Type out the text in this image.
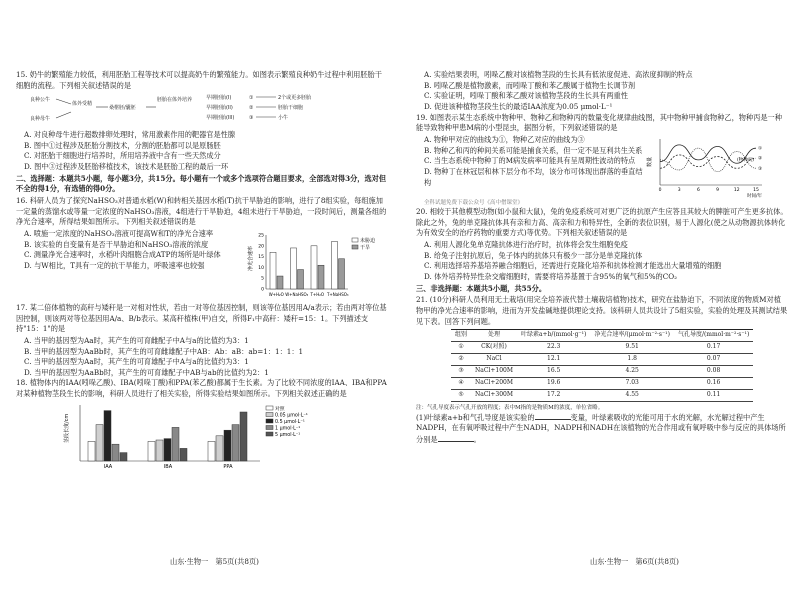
15. 奶牛的繁殖能力较低，利用胚胎工程等技术可以提高奶牛的繁殖能力。如图表示繁殖良种奶牛过程中利用胚胎干细胞的流程。下列相关叙述错误的是
良种公牛
良种母牛
体外受精
桑椹胚/囊胚
胚胎在体外培养	早期胚胎(I)
早期胚胎(II)
早期胚胎(III)
①	2个或更多胚胎
②	胚胎干细胞
③	小牛
A. 对良种母牛进行超数排卵处理时，常用激素作用的靶器官是性腺
B. 图中①过程涉及胚胎分割技术，分割的胚胎都可以是原肠胚
C. 对胚胎干细胞进行培养时，所用培养液中含有一些天然成分
D. 图中③过程涉及胚胎移植技术，该技术是胚胎工程的最后一环
二、选择题：本题共5小题，每小题3分，共15分。每小题有一个或多个选项符合题目要求，全部选对得3分，选对但不全的得1分，有选错的得0分。
16. 科研人员为了探究NaHSO₃对普通水稻(W)和转相关基因水稻(T)抗干旱胁迫的影响，进行了8组实验，每组施加一定量的蒸馏水或等量一定浓度的NaHSO₃溶液，4组进行干旱胁迫，4组未进行干旱胁迫，一段时间后，测量各组的净光合速率，所得结果如图所示。下列相关叙述错误的是
A. 喷施一定浓度的NaHSO₃溶液可提高W和T的净光合速率
B. 该实验的自变量有是否干旱胁迫和NaHSO₃溶液的浓度
C. 测量净光合速率时，水稻叶肉细胞合成ATP的场所是叶绿体
D. 与W相比，T具有一定的抗干旱能力，呼吸速率也较强	净光合速率
0
5
10
15
20
25
W+H₂O W+NaHSO₃ T+H₂O T+NaHSO₃
未胁迫
干旱
17. 某二倍体植物的高秆与矮秆是一对相对性状，若由一对等位基因控制，则该等位基因用A/a表示；若由两对等位基因控制，则该两对等位基因用A/a、B/b表示。某高秆植株(甲)自交，所得F₁中高秆：矮秆=15：1。下列描述支持"15：1"的是
A. 当甲的基因型为Aa时，其产生的可育雌配子中A与a的比值约为3：1
B. 当甲的基因型为AaBb时，其产生的可育雌雄配子中AB：Ab：aB：ab=1：1：1：1
C. 当甲的基因型为Aa时，其产生的可育雄配子中A与a的比值约为3：1
D. 当甲的基因型为AaBb时，其产生的可育雄配子中AB与ab的比值约为2：1
18. 植物体内的IAA(吲哚乙酸)、IBA(吲哚丁酸)和PPA(苯乙酸)都属于生长素。为了比较不同浓度的IAA、IBA和PPA对某种植物茎段生长的影响，科研人员进行了相关实验，所得实验结果如图所示。下列相关叙述正确的是
茎段长度/cm
IAA	IBA	PPA
对照
0.05 μmol·L⁻¹
0.5 μmol·L⁻¹
1 μmol·L⁻¹
5 μmol·L⁻¹
山东·生物一　第5页(共8页)
A. 实验结果表明，吲哚乙酸对该植物茎段的生长具有低浓度促进、高浓度抑制的特点
B. 吲哚乙酸是植物激素，而吲哚丁酸和苯乙酸属于植物生长调节剂
C. 实验证明，吲哚丁酸和苯乙酸对该植物茎段的生长具有两重性
D. 促进该种植物茎段生长的最适IAA浓度为0.05 μmol·L⁻¹
19. 如图表示某生态系统中物种甲、物种乙和物种丙的数量变化规律曲线图，其中物种甲捕食物种乙，物种丙是一种能导致物种甲患M病的小型昆虫，据图分析，下列叙述错误的是
A. 物种甲对应的曲线为①，物种乙对应的曲线为③
B. 物种乙和丙的种间关系可能是捕食关系，但一定不是互利共生关系
C. 当生态系统中物种丁的M病发病率可能具有呈周期性波动的特点
D. 物种丁在林冠层和林下层分布不均，该分布可体现出群落的垂直结构
数量
0	3	6	9	12	15
时间/年
①
②
③
(物种丙)
全科试题免费下载公众号《高中僧课堂》
20. 相较于其他模型动物(如小鼠和大鼠)，兔的免疫系统可对更广泛的抗原产生应答且其较大的脾脏可产生更多抗体。除此之外，兔的单克隆抗体具有亲和力高、高亲和力和特异性，全新的表位识别，易于人源化(使之从动物源抗体转化为有效安全的治疗药物的重要方式)等优势。下列相关叙述错误的是
A. 利用人源化兔单克隆抗体进行治疗时，抗体将会发生细胞免疫
B. 给兔子注射抗原后，兔子体内的抗体只有极少一部分是单克隆抗体
C. 利用选择培养基培养融合细胞后，还需进行克隆化培养和抗体检测才能选出大量增殖的细胞
D. 体外培养特异性杂交瘤细胞时，需要将培养基置于含95%的氧气和5%的CO₂
三、非选择题：本题共5小题，共55分。
21. (10分)科研人员利用无土栽培(用完全培养液代替土壤栽培植物)技术，研究在盐胁迫下，不同浓度的物质M对植物甲的净光合速率的影响，进而为开发盐碱地提供理论支持。该科研人员共设计了5组实验，实验的处理及其测试结果见下表。回答下列问题。
组别	处理	叶绿素a+b/(mmol·g⁻¹)	净光合速率/(μmol·m⁻²·s⁻¹)	气孔导度/(mmol·m⁻²·s⁻¹)
①	CK(对照)	22.3	9.51	0.17
②	NaCl	12.1	1.8	0.07
③	NaCl+100M	16.5	4.25	0.08
④	NaCl+200M	19.6	7.03	0.16
⑤	NaCl+300M	17.2	4.55	0.11
注：气孔导度表示气孔开放的程度；表中M指的是物质M的浓度，单位省略。
(1)叶绿素a+b和气孔导度是该实验的	变量，叶绿素吸收的光能可用于水的光解，水光解过程中产生NADPH，在有氧呼吸过程中产生NADH，NADPH和NADH在该植物的光合作用或有氧呼吸中参与反应的具体场所分别是	。
山东·生物一　第6页(共8页)
